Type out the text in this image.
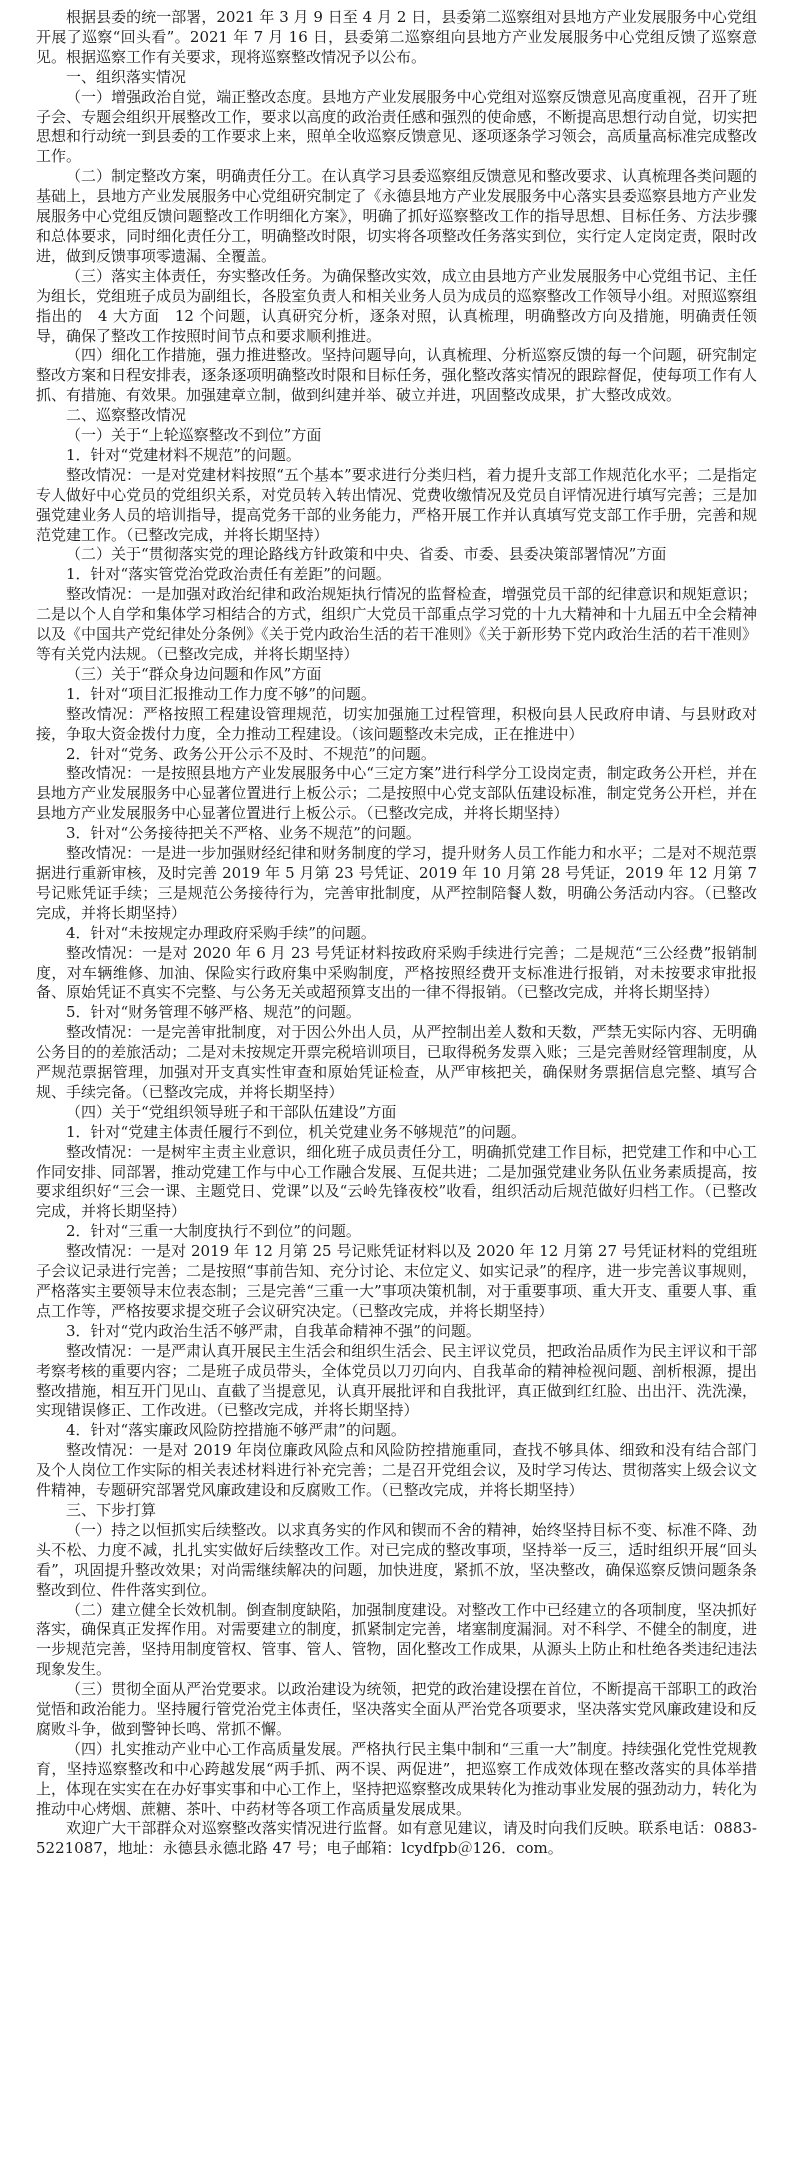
根据县委的统一部署，2021 年 3 月 9 日至 4 月 2 日，县委第二巡察组对县地方产业发展服务中心党组开展了巡察“回头看”。2021 年 7 月 16 日，县委第二巡察组向县地方产业发展服务中心党组反馈了巡察意见。根据巡察工作有关要求，现将巡察整改情况予以公布。

一、组织落实情况

（一）增强政治自觉，端正整改态度。县地方产业发展服务中心党组对巡察反馈意见高度重视，召开了班子会、专题会组织开展整改工作，要求以高度的政治责任感和强烈的使命感，不断提高思想行动自觉，切实把思想和行动统一到县委的工作要求上来，照单全收巡察反馈意见、逐项逐条学习领会，高质量高标准完成整改工作。

（二）制定整改方案，明确责任分工。在认真学习县委巡察组反馈意见和整改要求、认真梳理各类问题的基础上，县地方产业发展服务中心党组研究制定了《永德县地方产业发展服务中心落实县委巡察县地方产业发展服务中心党组反馈问题整改工作明细化方案》，明确了抓好巡察整改工作的指导思想、目标任务、方法步骤和总体要求，同时细化责任分工，明确整改时限，切实将各项整改任务落实到位，实行定人定岗定责，限时改进，做到反馈事项零遗漏、全覆盖。

（三）落实主体责任，夯实整改任务。为确保整改实效，成立由县地方产业发展服务中心党组书记、主任为组长，党组班子成员为副组长，各股室负责人和相关业务人员为成员的巡察整改工作领导小组。对照巡察组指出的　4 大方面　12 个问题，认真研究分析，逐条对照，认真梳理，明确整改方向及措施，明确责任领导，确保了整改工作按照时间节点和要求顺利推进。

（四）细化工作措施，强力推进整改。坚持问题导向，认真梳理、分析巡察反馈的每一个问题，研究制定整改方案和日程安排表，逐条逐项明确整改时限和目标任务，强化整改落实情况的跟踪督促，使每项工作有人抓、有措施、有效果。加强建章立制，做到纠建并举、破立并进，巩固整改成果，扩大整改成效。

二、巡察整改情况

（一）关于“上轮巡察整改不到位”方面

1．针对“党建材料不规范”的问题。

整改情况：一是对党建材料按照“五个基本”要求进行分类归档，着力提升支部工作规范化水平；二是指定专人做好中心党员的党组织关系，对党员转入转出情况、党费收缴情况及党员自评情况进行填写完善；三是加强党建业务人员的培训指导，提高党务干部的业务能力，严格开展工作并认真填写党支部工作手册，完善和规范党建工作。（已整改完成，并将长期坚持）

（二）关于“贯彻落实党的理论路线方针政策和中央、省委、市委、县委决策部署情况”方面

1．针对“落实管党治党政治责任有差距”的问题。

整改情况：一是加强对政治纪律和政治规矩执行情况的监督检查，增强党员干部的纪律意识和规矩意识；二是以个人自学和集体学习相结合的方式，组织广大党员干部重点学习党的十九大精神和十九届五中全会精神以及《中国共产党纪律处分条例》《关于党内政治生活的若干准则》《关于新形势下党内政治生活的若干准则》等有关党内法规。（已整改完成，并将长期坚持）

（三）关于“群众身边问题和作风”方面

1．针对“项目汇报推动工作力度不够”的问题。

整改情况：严格按照工程建设管理规范，切实加强施工过程管理，积极向县人民政府申请、与县财政对接，争取大资金拨付力度，全力推动工程建设。（该问题整改未完成，正在推进中）

2．针对“党务、政务公开公示不及时、不规范”的问题。

整改情况：一是按照县地方产业发展服务中心“三定方案”进行科学分工设岗定责，制定政务公开栏，并在县地方产业发展服务中心显著位置进行上板公示；二是按照中心党支部队伍建设标准，制定党务公开栏，并在县地方产业发展服务中心显著位置进行上板公示。（已整改完成，并将长期坚持）

3．针对“公务接待把关不严格、业务不规范”的问题。

整改情况：一是进一步加强财经纪律和财务制度的学习，提升财务人员工作能力和水平；二是对不规范票据进行重新审核，及时完善 2019 年 5 月第 23 号凭证、2019 年 10 月第 28 号凭证，2019 年 12 月第 7 号记账凭证手续；三是规范公务接待行为，完善审批制度，从严控制陪餐人数，明确公务活动内容。（已整改完成，并将长期坚持）

4．针对“未按规定办理政府采购手续”的问题。

整改情况：一是对 2020 年 6 月 23 号凭证材料按政府采购手续进行完善；二是规范“三公经费”报销制度，对车辆维修、加油、保险实行政府集中采购制度，严格按照经费开支标准进行报销，对未按要求审批报备、原始凭证不真实不完整、与公务无关或超预算支出的一律不得报销。（已整改完成，并将长期坚持）

5．针对“财务管理不够严格、规范”的问题。

整改情况：一是完善审批制度，对于因公外出人员，从严控制出差人数和天数，严禁无实际内容、无明确公务目的的差旅活动；二是对未按规定开票完税培训项目，已取得税务发票入账；三是完善财经管理制度，从严规范票据管理，加强对开支真实性审查和原始凭证检查，从严审核把关，确保财务票据信息完整、填写合规、手续完备。（已整改完成，并将长期坚持）

（四）关于“党组织领导班子和干部队伍建设”方面

1．针对“党建主体责任履行不到位，机关党建业务不够规范”的问题。

整改情况：一是树牢主责主业意识，细化班子成员责任分工，明确抓党建工作目标，把党建工作和中心工作同安排、同部署，推动党建工作与中心工作融合发展、互促共进；二是加强党建业务队伍业务素质提高，按要求组织好“三会一课、主题党日、党课”以及“云岭先锋夜校”收看，组织活动后规范做好归档工作。（已整改完成，并将长期坚持）

2．针对“三重一大制度执行不到位”的问题。

整改情况：一是对 2019 年 12 月第 25 号记账凭证材料以及 2020 年 12 月第 27 号凭证材料的党组班子会议记录进行完善；二是按照“事前告知、充分讨论、末位定义、如实记录”的程序，进一步完善议事规则，严格落实主要领导末位表态制；三是完善“三重一大”事项决策机制，对于重要事项、重大开支、重要人事、重点工作等，严格按要求提交班子会议研究决定。（已整改完成，并将长期坚持）

3．针对“党内政治生活不够严肃，自我革命精神不强”的问题。

整改情况：一是严肃认真开展民主生活会和组织生活会、民主评议党员，把政治品质作为民主评议和干部考察考核的重要内容；二是班子成员带头，全体党员以刀刃向内、自我革命的精神检视问题、剖析根源，提出整改措施，相互开门见山、直截了当提意见，认真开展批评和自我批评，真正做到红红脸、出出汗、洗洗澡，实现错误修正、工作改进。（已整改完成，并将长期坚持）

4．针对“落实廉政风险防控措施不够严肃”的问题。

整改情况：一是对 2019 年岗位廉政风险点和风险防控措施重同，查找不够具体、细致和没有结合部门及个人岗位工作实际的相关表述材料进行补充完善；二是召开党组会议，及时学习传达、贯彻落实上级会议文件精神，专题研究部署党风廉政建设和反腐败工作。（已整改完成，并将长期坚持）

三、下步打算

（一）持之以恒抓实后续整改。以求真务实的作风和锲而不舍的精神，始终坚持目标不变、标准不降、劲头不松、力度不减，扎扎实实做好后续整改工作。对已完成的整改事项，坚持举一反三，适时组织开展“回头看”，巩固提升整改效果；对尚需继续解决的问题，加快进度，紧抓不放，坚决整改，确保巡察反馈问题条条整改到位、件件落实到位。

（二）建立健全长效机制。倒查制度缺陷，加强制度建设。对整改工作中已经建立的各项制度，坚决抓好落实，确保真正发挥作用。对需要建立的制度，抓紧制定完善，堵塞制度漏洞。对不科学、不健全的制度，进一步规范完善，坚持用制度管权、管事、管人、管物，固化整改工作成果，从源头上防止和杜绝各类违纪违法现象发生。

（三）贯彻全面从严治党要求。以政治建设为统领，把党的政治建设摆在首位，不断提高干部职工的政治觉悟和政治能力。坚持履行管党治党主体责任，坚决落实全面从严治党各项要求，坚决落实党风廉政建设和反腐败斗争，做到警钟长鸣、常抓不懈。

（四）扎实推动产业中心工作高质量发展。严格执行民主集中制和“三重一大”制度。持续强化党性党规教育，坚持巡察整改和中心跨越发展“两手抓、两不误、两促进”，把巡察工作成效体现在整改落实的具体举措上，体现在实实在在办好事实事和中心工作上，坚持把巡察整改成果转化为推动事业发展的强劲动力，转化为推动中心烤烟、蔗糖、茶叶、中药材等各项工作高质量发展成果。

欢迎广大干部群众对巡察整改落实情况进行监督。如有意见建议，请及时向我们反映。联系电话：0883-5221087，地址：永德县永德北路 47 号；电子邮箱：lcydfpb＠126．com。
